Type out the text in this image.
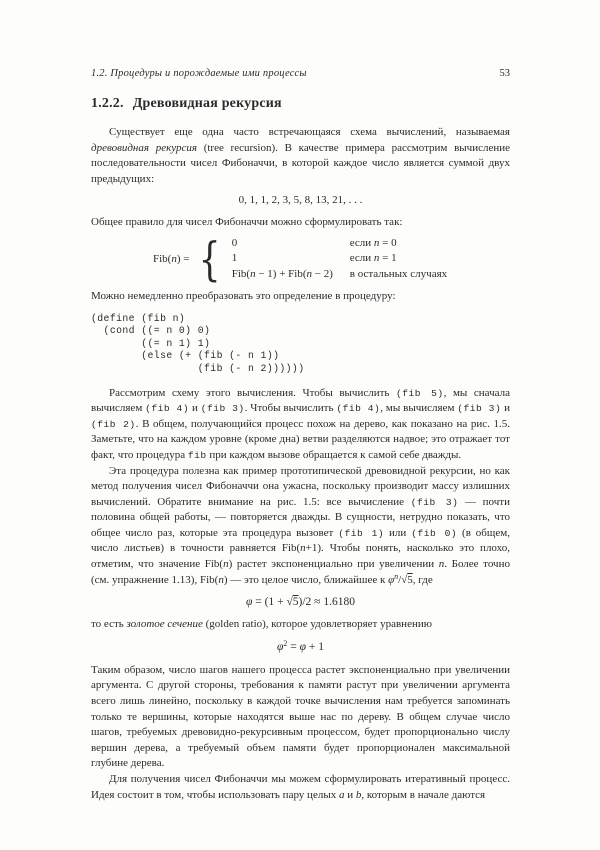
1.2. Процедуры и порождаемые ими процессы	53
1.2.2. Древовидная рекурсия

Существует еще одна часто встречающаяся схема вычислений, называемая древовидная рекурсия (tree recursion). В качестве примера рассмотрим вычисление последовательности чисел Фибоначчи, в которой каждое число является суммой двух предыдущих:

0, 1, 1, 2, 3, 5, 8, 13, 21, . . .

Общее правило для чисел Фибоначчи можно сформулировать так:

Fib(n) = { 0	если n = 0
1	если n = 1
Fib(n − 1) + Fib(n − 2)	в остальных случаях

Можно немедленно преобразовать это определение в процедуру:

(define (fib n)
(cond ((= n 0) 0)
((= n 1) 1)
(else (+ (fib (- n 1))
(fib (- n 2))))))

Рассмотрим схему этого вычисления. Чтобы вычислить (fib 5), мы сначала вычисляем (fib 4) и (fib 3). Чтобы вычислить (fib 4), мы вычисляем (fib 3) и (fib 2). В общем, получающийся процесс похож на дерево, как показано на рис. 1.5. Заметьте, что на каждом уровне (кроме дна) ветви разделяются надвое; это отражает тот факт, что процедура fib при каждом вызове обращается к самой себе дважды.

Эта процедура полезна как пример прототипической древовидной рекурсии, но как метод получения чисел Фибоначчи она ужасна, поскольку производит массу излишних вычислений. Обратите внимание на рис. 1.5: все вычисление (fib 3) — почти половина общей работы, — повторяется дважды. В сущности, нетрудно показать, что общее число раз, которые эта процедура вызовет (fib 1) или (fib 0) (в общем, число листьев) в точности равняется Fib(n+1). Чтобы понять, насколько это плохо, отметим, что значение Fib(n) растет экспоненциально при увеличении n. Более точно (см. упражнение 1.13), Fib(n) — это целое число, ближайшее к $\varphi^n/√5$, где

φ = (1 + √5)/2 ≈ 1.6180

то есть золотое сечение (golden ratio), которое удовлетворяет уравнению

$\varphi^2 = \varphi + 1$

Таким образом, число шагов нашего процесса растет экспоненциально при увеличении аргумента. С другой стороны, требования к памяти растут при увеличении аргумента всего лишь линейно, поскольку в каждой точке вычисления нам требуется запоминать только те вершины, которые находятся выше нас по дереву. В общем случае число шагов, требуемых древовидно-рекурсивным процессом, будет пропорционально числу вершин дерева, а требуемый объем памяти будет пропорционален максимальной глубине дерева.

Для получения чисел Фибоначчи мы можем сформулировать итеративный процесс. Идея состоит в том, чтобы использовать пару целых a и b, которым в начале даются
